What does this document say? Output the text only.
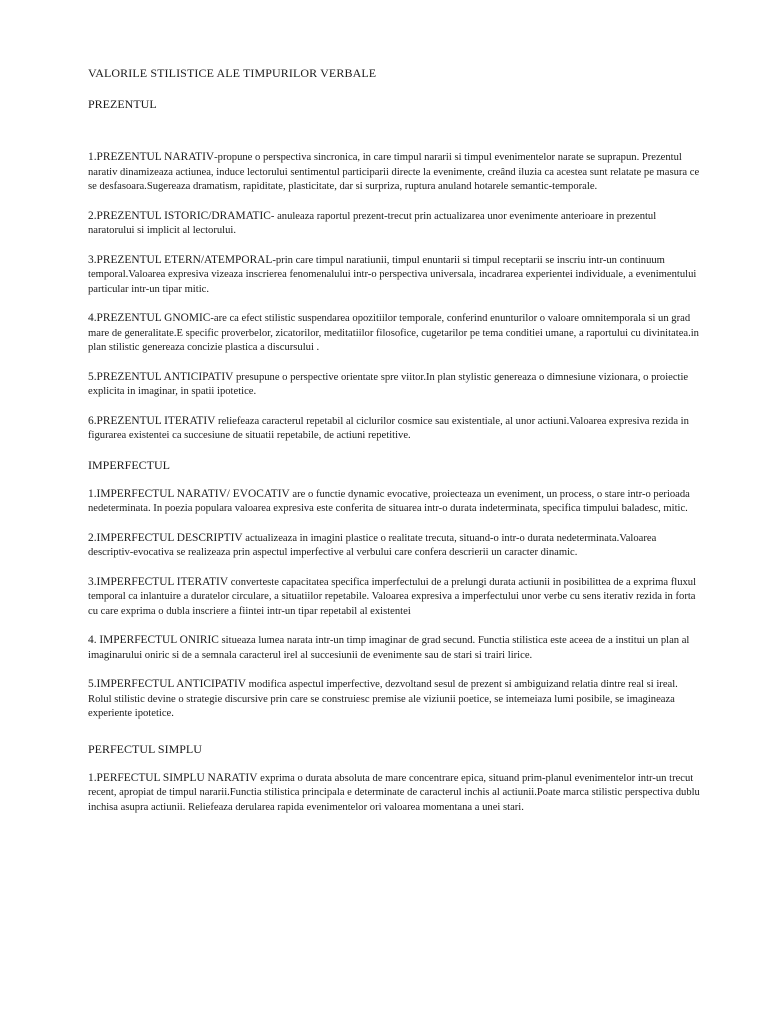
VALORILE STILISTICE ALE TIMPURILOR VERBALE
PREZENTUL

1.PREZENTUL NARATIV-propune o perspectiva sincronica, in care timpul nararii si timpul evenimentelor narate se suprapun. Prezentul narativ dinamizeaza actiunea, induce lectorului sentimentul participarii directe la evenimente, creând iluzia ca acestea sunt relatate pe masura ce se desfasoara.Sugereaza dramatism, rapiditate, plasticitate, dar si surpriza, ruptura anuland hotarele semantic-temporale.

2.PREZENTUL ISTORIC/DRAMATIC- anuleaza raportul prezent-trecut prin actualizarea unor evenimente anterioare in prezentul naratorului si implicit al lectorului.

3.PREZENTUL ETERN/ATEMPORAL-prin care timpul naratiunii, timpul enuntarii si timpul receptarii se inscriu intr-un continuum temporal.Valoarea expresiva vizeaza inscrierea fenomenalului intr-o perspectiva universala, incadrarea experientei individuale, a evenimentului particular intr-un tipar mitic.

4.PREZENTUL GNOMIC-are ca efect stilistic suspendarea opozitiilor temporale, conferind enunturilor o valoare omnitemporala si un grad mare de generalitate.E specific proverbelor, zicatorilor, meditatiilor filosofice, cugetarilor pe tema conditiei umane, a raportului cu divinitatea.in plan stilistic genereaza concizie plastica a discursului .

5.PREZENTUL ANTICIPATIV presupune o perspective orientate spre viitor.In plan stylistic genereaza o dimnesiune vizionara, o proiectie explicita in imaginar, in spatii ipotetice.

6.PREZENTUL ITERATIV reliefeaza caracterul repetabil al ciclurilor cosmice sau existentiale, al unor actiuni.Valoarea expresiva rezida in figurarea existentei ca succesiune de situatii repetabile, de actiuni repetitive.

IMPERFECTUL

1.IMPERFECTUL NARATIV/ EVOCATIV are o functie dynamic evocative, proiecteaza un eveniment, un process, o stare intr-o perioada nedeterminata. In poezia populara valoarea expresiva este conferita de situarea intr-o durata indeterminata, specifica timpului baladesc, mitic.

2.IMPERFECTUL DESCRIPTIV actualizeaza in imagini plastice o realitate trecuta, situand-o intr-o durata nedeterminata.Valoarea descriptiv-evocativa se realizeaza prin aspectul imperfective al verbului care confera descrierii un caracter dinamic.

3.IMPERFECTUL ITERATIV converteste capacitatea specifica imperfectului de a prelungi durata actiunii in posibilittea de a exprima fluxul temporal ca inlantuire a duratelor circulare, a situatiilor repetabile. Valoarea expresiva a imperfectului unor verbe cu sens iterativ rezida in forta cu care exprima o dubla inscriere a fiintei intr-un tipar repetabil al existentei

4. IMPERFECTUL ONIRIC situeaza lumea narata intr-un timp imaginar de grad secund. Functia stilistica este aceea de a institui un plan al imaginarului oniric si de a semnala caracterul irel al succesiunii de evenimente sau de stari si trairi lirice.

5.IMPERFECTUL ANTICIPATIV modifica aspectul imperfective, dezvoltand sesul de prezent si ambiguizand relatia dintre real si ireal. Rolul stilistic devine o strategie discursive prin care se construiesc premise ale viziunii poetice, se intemeiaza lumi posibile, se imagineaza experiente ipotetice.

PERFECTUL SIMPLU

1.PERFECTUL SIMPLU NARATIV exprima o durata absoluta de mare concentrare epica, situand prim-planul evenimentelor intr-un trecut recent, apropiat de timpul nararii.Functia stilistica principala e determinate de caracterul inchis al actiunii.Poate marca stilistic perspectiva dublu inchisa asupra actiunii. Reliefeaza derularea rapida evenimentelor ori valoarea momentana a unei stari.
